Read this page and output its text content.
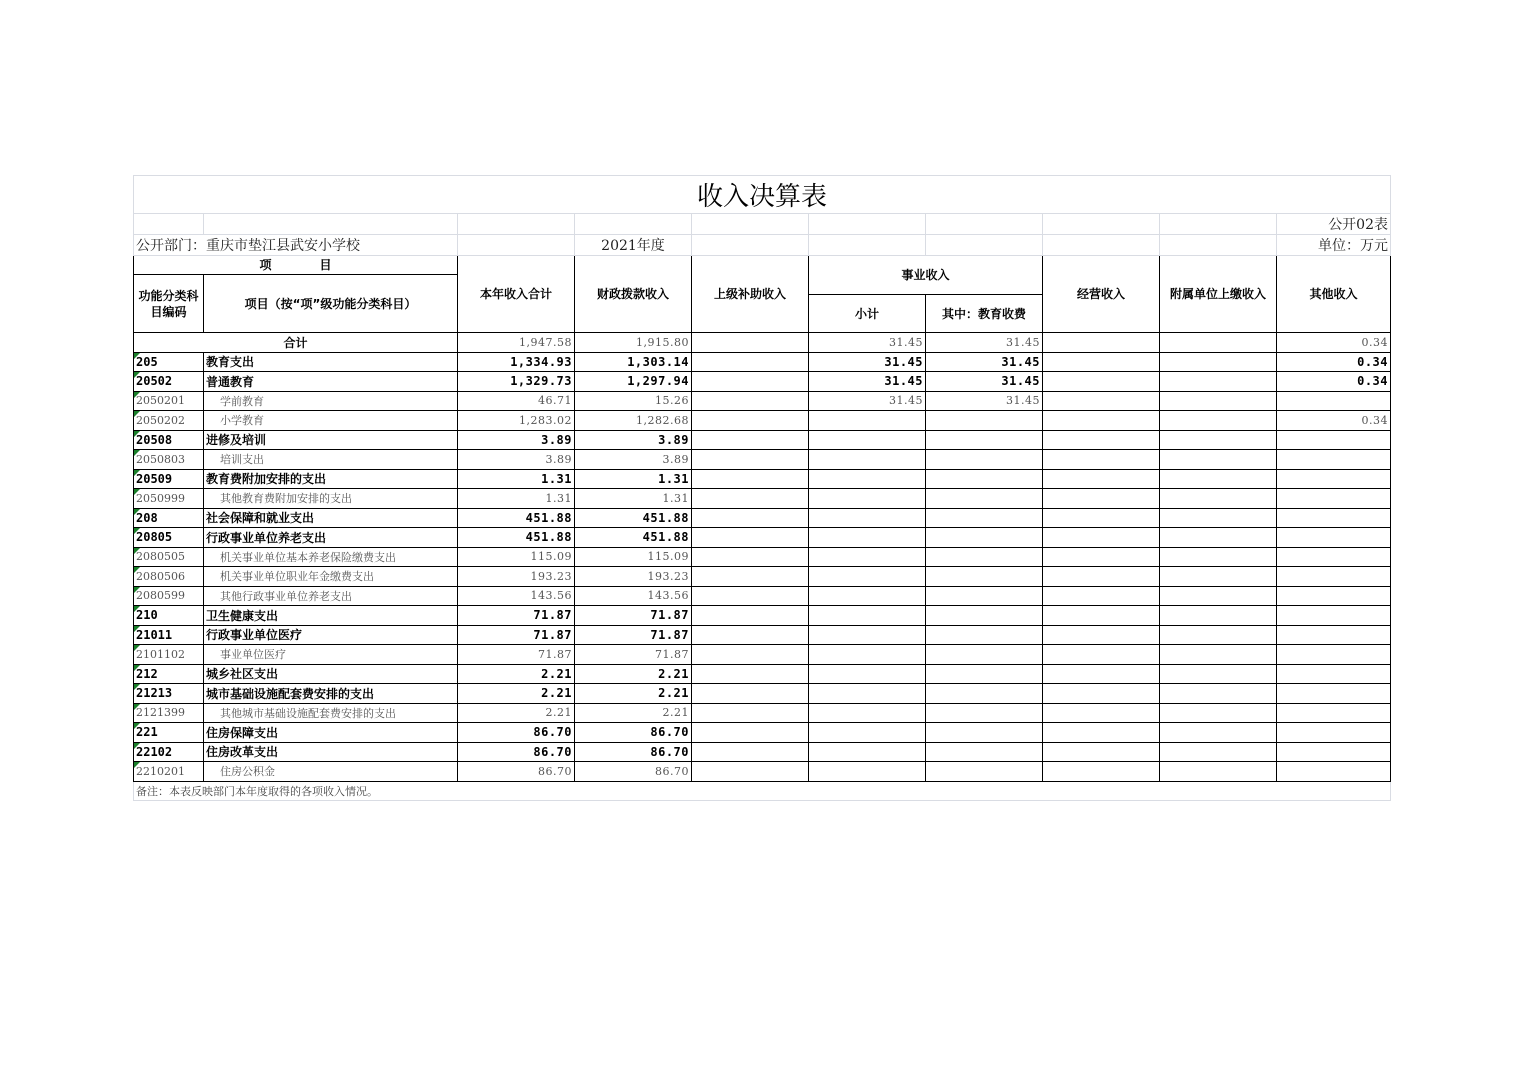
收入决算表									
									公开02表
公开部门：重庆市垫江县武安小学校			2021年度						单位：万元
项　　　　目		本年收入合计	财政拨款收入	上级补助收入	事业收入		经营收入	附属单位上缴收入	其他收入
功能分类科目编码	项目（按“项”级功能分类科目）								
					小计	其中：教育收费			
合计		1,947.58	1,915.80		31.45	31.45			0.34
205	教育支出	1,334.93	1,303.14		31.45	31.45			0.34
20502	普通教育	1,329.73	1,297.94		31.45	31.45			0.34
2050201	学前教育	46.71	15.26		31.45	31.45			
2050202	小学教育	1,283.02	1,282.68						0.34
20508	进修及培训	3.89	3.89						
2050803	培训支出	3.89	3.89						
20509	教育费附加安排的支出	1.31	1.31						
2050999	其他教育费附加安排的支出	1.31	1.31						
208	社会保障和就业支出	451.88	451.88						
20805	行政事业单位养老支出	451.88	451.88						
2080505	机关事业单位基本养老保险缴费支出	115.09	115.09						
2080506	机关事业单位职业年金缴费支出	193.23	193.23						
2080599	其他行政事业单位养老支出	143.56	143.56						
210	卫生健康支出	71.87	71.87						
21011	行政事业单位医疗	71.87	71.87						
2101102	事业单位医疗	71.87	71.87						
212	城乡社区支出	2.21	2.21						
21213	城市基础设施配套费安排的支出	2.21	2.21						
2121399	其他城市基础设施配套费安排的支出	2.21	2.21						
221	住房保障支出	86.70	86.70						
22102	住房改革支出	86.70	86.70						
2210201	住房公积金	86.70	86.70						
备注：本表反映部门本年度取得的各项收入情况。									
